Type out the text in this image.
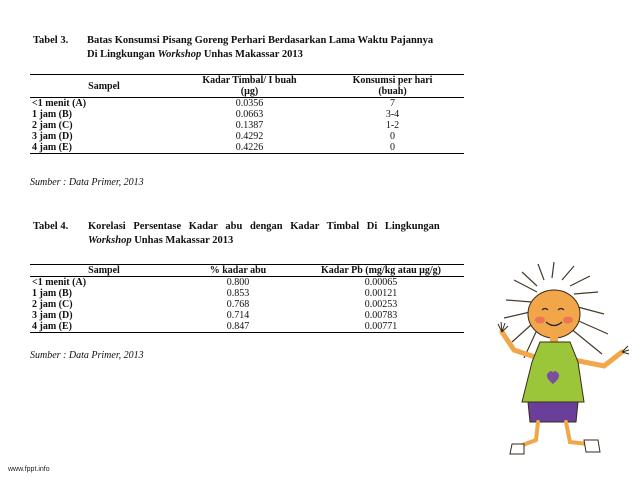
Tabel 3. Batas Konsumsi Pisang Goreng Perhari Berdasarkan Lama Waktu Pajannya
Di Lingkungan Workshop Unhas Makassar 2013
Sampel	Kadar Timbal/ I buah	Konsumsi per hari
	(µg)	(buah)
<1 menit (A)	0.0356	7
1 jam (B)	0.0663	3-4
2 jam (C)	0.1387	1-2
3 jam (D)	0.4292	0
4 jam (E)	0.4226	0
Sumber : Data Primer, 2013
Tabel 4. Korelasi Persentase Kadar abu dengan Kadar Timbal Di Lingkungan
Workshop Unhas Makassar 2013
Sampel	% kadar abu	Kadar Pb (mg/kg atau µg/g)
<1 menit (A)	0.800	0.00065
1 jam (B)	0.853	0.00121
2 jam (C)	0.768	0.00253
3 jam (D)	0.714	0.00783
4 jam (E)	0.847	0.00771
Sumber : Data Primer, 2013
www.fppt.info
